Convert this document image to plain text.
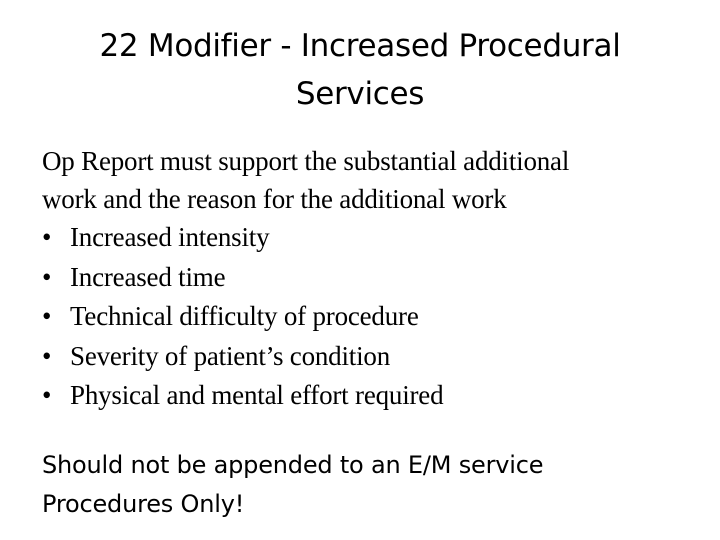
22 Modifier - Increased Procedural
Services
Op Report must support the substantial additional
work and the reason for the additional work
• Increased intensity
• Increased time
• Technical difficulty of procedure
• Severity of patient’s condition
• Physical and mental effort required
Should not be appended to an E/M service
Procedures Only!
